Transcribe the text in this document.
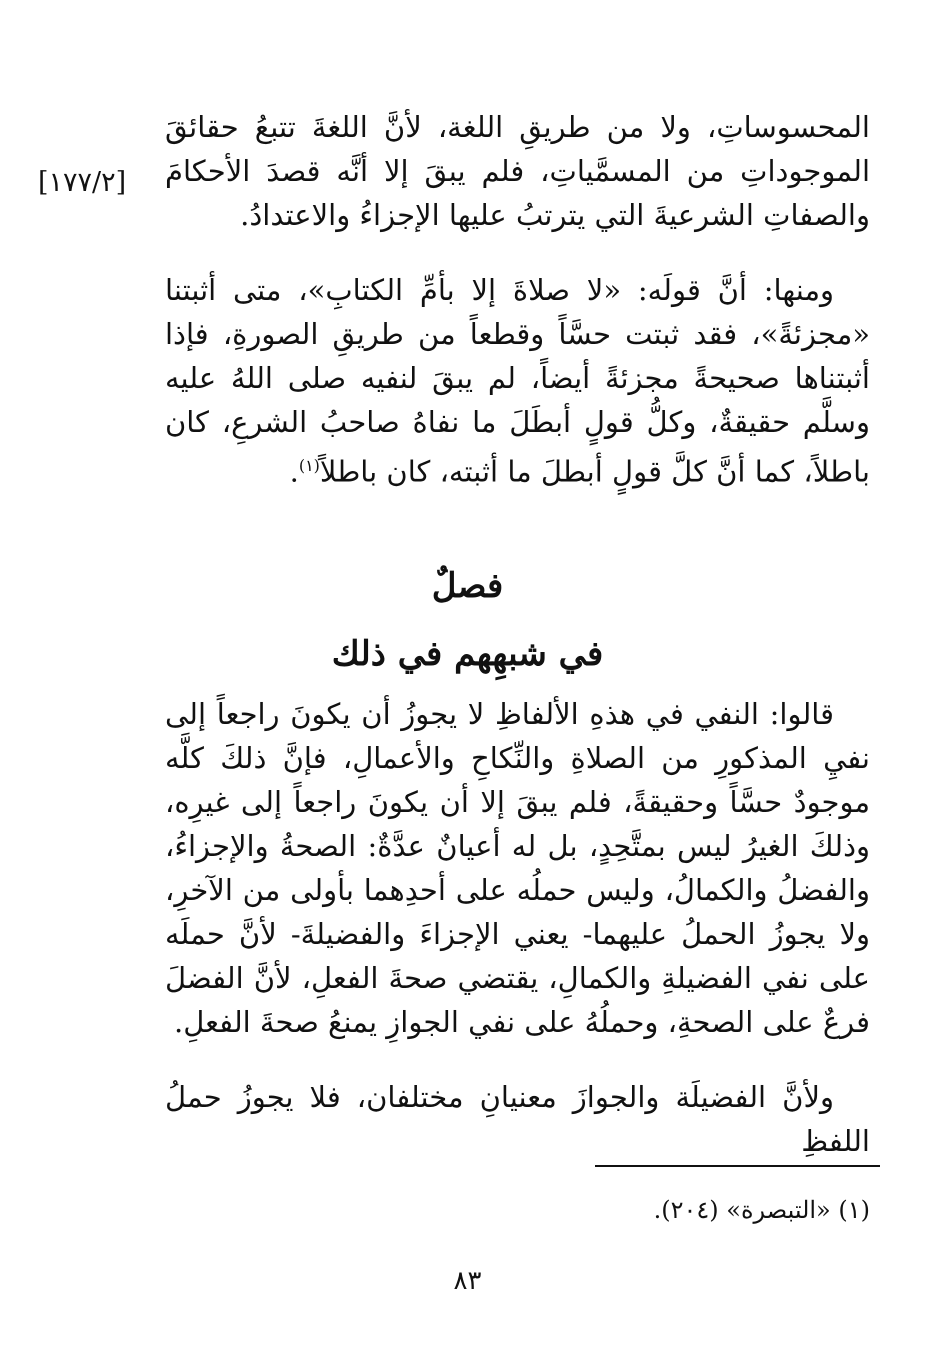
[١٧٧/٢]

المحسوساتِ، ولا من طريقِ اللغة، لأنَّ اللغةَ تتبعُ حقائقَ الموجوداتِ من المسمَّياتِ، فلم يبقَ إلا أنَّه قصدَ الأحكامَ والصفاتِ الشرعيةَ التي يترتبُ عليها الإجزاءُ والاعتدادُ.

ومنها: أنَّ قولَه: «لا صلاةَ إلا بأمِّ الكتابِ»، متى أثبتنا «مجزئةً»، فقد ثبتت حسَّاً وقطعاً من طريقِ الصورةِ، فإذا أثبتناها صحيحةً مجزئةً أيضاً، لم يبقَ لنفيه صلى اللهُ عليه وسلَّم حقيقةٌ، وكلُّ قولٍ أبطَلَ ما نفاهُ صاحبُ الشرعِ، كان باطلاً، كما أنَّ كلَّ قولٍ أبطلَ ما أثبته، كان باطلاً$^{(١)}$.

فصلٌ
في شبهِهم في ذلك

قالوا: النفي في هذهِ الألفاظِ لا يجوزُ أن يكونَ راجعاً إلى نفيِ المذكورِ من الصلاةِ والنِّكاحِ والأعمالِ، فإنَّ ذلكَ كلَّه موجودٌ حسَّاً وحقيقةً، فلم يبقَ إلا أن يكونَ راجعاً إلى غيرِه، وذلكَ الغيرُ ليس بمتَّحِدٍ، بل له أعيانٌ عدَّةٌ: الصحةُ والإجزاءُ، والفضلُ والكمالُ، وليس حملُه على أحدِهما بأولى من الآخرِ، ولا يجوزُ الحملُ عليهما- يعني الإجزاءَ والفضيلةَ- لأنَّ حملَه على نفي الفضيلةِ والكمالِ، يقتضي صحةَ الفعلِ، لأنَّ الفضلَ فرعٌ على الصحةِ، وحملُهُ على نفي الجوازِ يمنعُ صحةَ الفعلِ.

ولأنَّ الفضيلَة والجوازَ معنيانِ مختلفان، فلا يجوزُ حملُ اللفظِ

(١) «التبصرة» (٢٠٤).
٨٣
